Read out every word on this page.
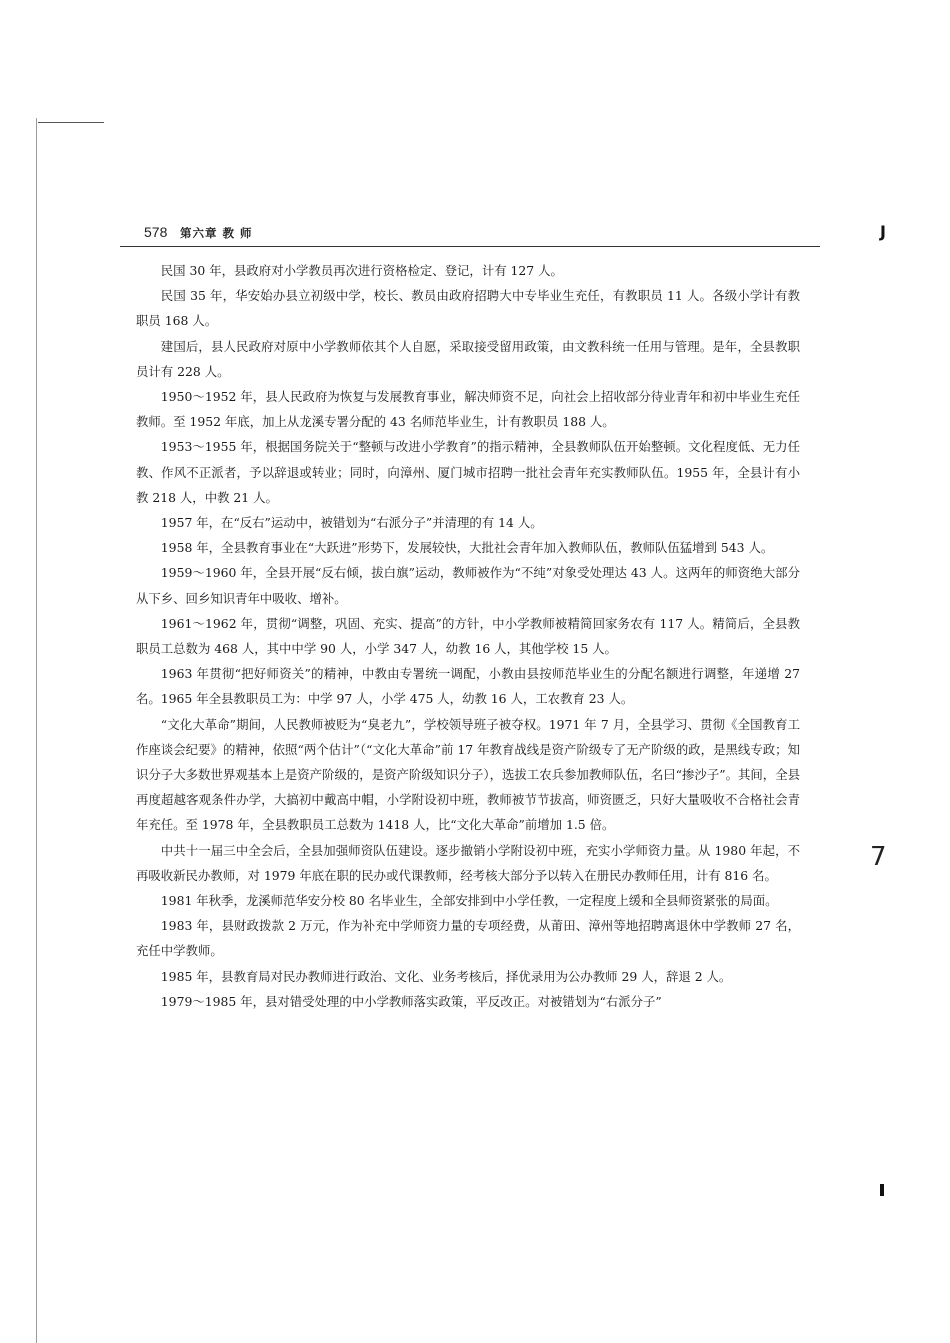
578 第六章 教 师	J
7

民国 30 年，县政府对小学教员再次进行资格检定、登记，计有 127 人。

民国 35 年，华安始办县立初级中学，校长、教员由政府招聘大中专毕业生充任，有教职员 11 人。各级小学计有教职员 168 人。

建国后，县人民政府对原中小学教师依其个人自愿，采取接受留用政策，由文教科统一任用与管理。是年，全县教职员计有 228 人。

1950～1952 年，县人民政府为恢复与发展教育事业，解决师资不足，向社会上招收部分待业青年和初中毕业生充任教师。至 1952 年底，加上从龙溪专署分配的 43 名师范毕业生，计有教职员 188 人。

1953～1955 年，根据国务院关于“整顿与改进小学教育”的指示精神，全县教师队伍开始整顿。文化程度低、无力任教、作风不正派者，予以辞退或转业；同时，向漳州、厦门城市招聘一批社会青年充实教师队伍。1955 年，全县计有小教 218 人，中教 21 人。

1957 年，在“反右”运动中，被错划为“右派分子”并清理的有 14 人。

1958 年，全县教育事业在“大跃进”形势下，发展较快，大批社会青年加入教师队伍，教师队伍猛增到 543 人。

1959～1960 年，全县开展“反右倾，拔白旗”运动，教师被作为“不纯”对象受处理达 43 人。这两年的师资绝大部分从下乡、回乡知识青年中吸收、增补。

1961～1962 年，贯彻“调整，巩固、充实、提高”的方针，中小学教师被精简回家务农有 117 人。精简后，全县教职员工总数为 468 人，其中中学 90 人，小学 347 人，幼教 16 人，其他学校 15 人。

1963 年贯彻“把好师资关”的精神，中教由专署统一调配，小教由县按师范毕业生的分配名额进行调整，年递增 27 名。1965 年全县教职员工为：中学 97 人，小学 475 人，幼教 16 人，工农教育 23 人。

“文化大革命”期间，人民教师被贬为“臭老九”，学校领导班子被夺权。1971 年 7 月，全县学习、贯彻《全国教育工作座谈会纪要》的精神，依照“两个估计”（“文化大革命”前 17 年教育战线是资产阶级专了无产阶级的政，是黑线专政；知识分子大多数世界观基本上是资产阶级的，是资产阶级知识分子），选拔工农兵参加教师队伍，名曰“掺沙子”。其间，全县再度超越客观条件办学，大搞初中戴高中帽，小学附设初中班，教师被节节拔高，师资匮乏，只好大量吸收不合格社会青年充任。至 1978 年，全县教职员工总数为 1418 人，比“文化大革命”前增加 1.5 倍。

中共十一届三中全会后，全县加强师资队伍建设。逐步撤销小学附设初中班，充实小学师资力量。从 1980 年起，不再吸收新民办教师，对 1979 年底在职的民办或代课教师，经考核大部分予以转入在册民办教师任用，计有 816 名。

1981 年秋季，龙溪师范华安分校 80 名毕业生，全部安排到中小学任教，一定程度上缓和全县师资紧张的局面。

1983 年，县财政拨款 2 万元，作为补充中学师资力量的专项经费，从莆田、漳州等地招聘离退休中学教师 27 名，充任中学教师。

1985 年，县教育局对民办教师进行政治、文化、业务考核后，择优录用为公办教师 29 人，辞退 2 人。

1979～1985 年，县对错受处理的中小学教师落实政策，平反改正。对被错划为“右派分子”
